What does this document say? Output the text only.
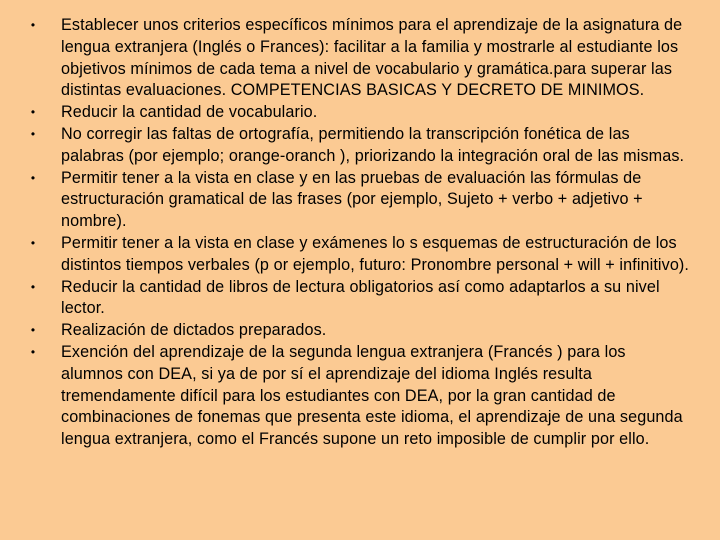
• Establecer unos criterios específicos mínimos para el aprendizaje de la asignatura de lengua extranjera (Inglés o Frances): facilitar a la familia y mostrarle al estudiante los objetivos mínimos de cada tema a nivel de vocabulario y gramática.para superar las distintas evaluaciones. COMPETENCIAS BASICAS Y DECRETO DE MINIMOS.
• Reducir la cantidad de vocabulario.
• No corregir las faltas de ortografía, permitiendo la transcripción fonética de las palabras (por ejemplo; orange-oranch ), priorizando la integración oral de las mismas.
• Permitir tener a la vista en clase y en las pruebas de evaluación las fórmulas de estructuración gramatical de las frases (por ejemplo, Sujeto + verbo + adjetivo + nombre).
• Permitir tener a la vista en clase y exámenes lo s esquemas de estructuración de los distintos tiempos verbales (p or ejemplo, futuro: Pronombre personal + will + infinitivo).
• Reducir la cantidad de libros de lectura obligatorios así como adaptarlos a su nivel lector.
• Realización de dictados preparados.
• Exención del aprendizaje de la segunda lengua extranjera (Francés ) para los alumnos con DEA, si ya de por sí el aprendizaje del idioma Inglés resulta tremendamente difícil para los estudiantes con DEA, por la gran cantidad de combinaciones de fonemas que presenta este idioma, el aprendizaje de una segunda lengua extranjera, como el Francés supone un reto imposible de cumplir por ello.
